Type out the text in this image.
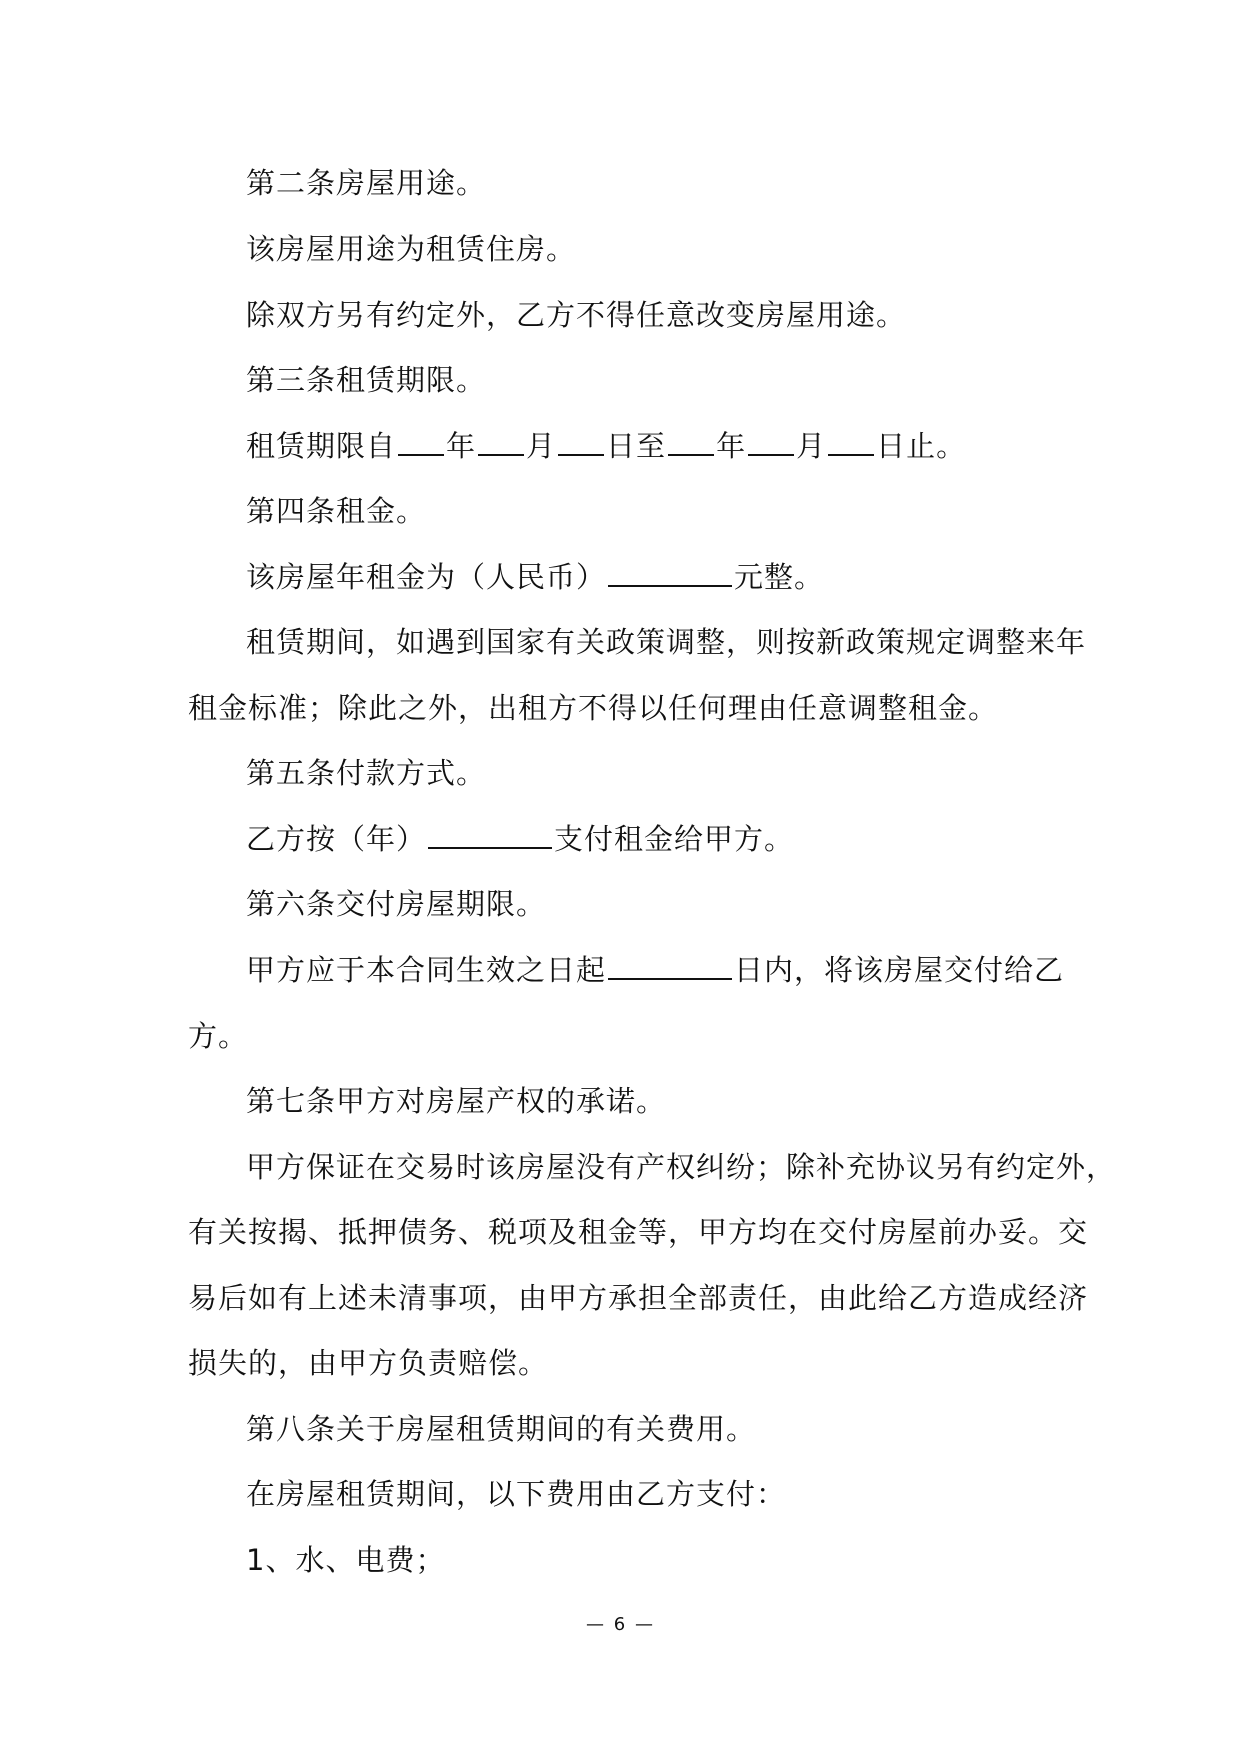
第二条房屋用途。
该房屋用途为租赁住房。
除双方另有约定外，乙方不得任意改变房屋用途。
第三条租赁期限。
租赁期限自 年 月 日至 年 月 日止。
第四条租金。
该房屋年租金为（人民币）	元整。
租赁期间，如遇到国家有关政策调整，则按新政策规定调整来年
租金标准；除此之外，出租方不得以任何理由任意调整租金。
第五条付款方式。
乙方按（年）	支付租金给甲方。
第六条交付房屋期限。
甲方应于本合同生效之日起	日内，将该房屋交付给乙
方。
第七条甲方对房屋产权的承诺。
甲方保证在交易时该房屋没有产权纠纷；除补充协议另有约定外，
有关按揭、抵押债务、税项及租金等，甲方均在交付房屋前办妥。交
易后如有上述未清事项，由甲方承担全部责任，由此给乙方造成经济
损失的，由甲方负责赔偿。
第八条关于房屋租赁期间的有关费用。
在房屋租赁期间，以下费用由乙方支付：
1、水、电费；
— 6 —
